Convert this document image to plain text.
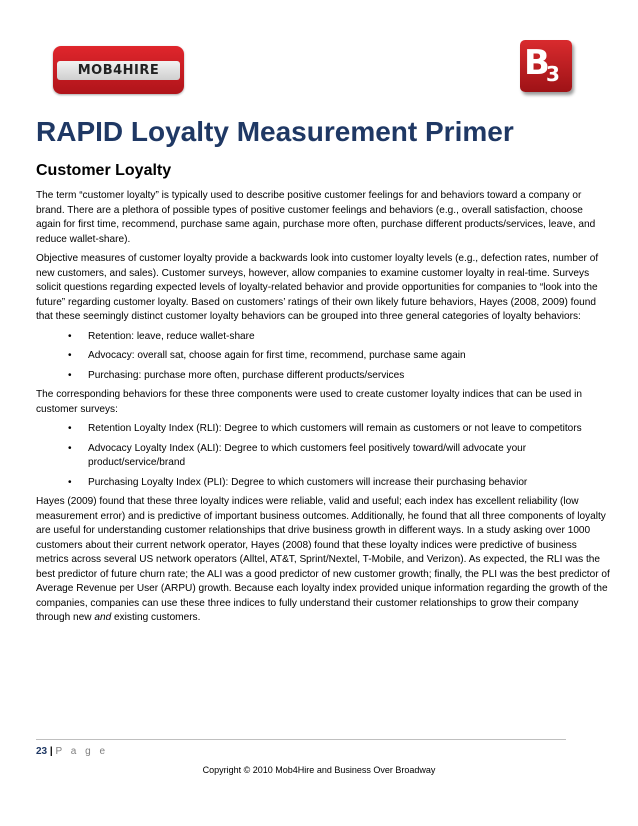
MOB4HIRE	B
3
RAPID Loyalty Measurement Primer
Customer Loyalty

The term “customer loyalty” is typically used to describe positive customer feelings for and behaviors toward a company or brand. There are a plethora of possible types of positive customer feelings and behaviors (e.g., overall satisfaction, choose again for first time, recommend, purchase same again, purchase more often, purchase different products/services, leave, and reduce wallet-share).

Objective measures of customer loyalty provide a backwards look into customer loyalty levels (e.g., defection rates, number of new customers, and sales). Customer surveys, however, allow companies to examine customer loyalty in real-time. Surveys solicit questions regarding expected levels of loyalty-related behavior and provide opportunities for companies to “look into the future” regarding customer loyalty. Based on customers’ ratings of their own likely future behaviors, Hayes (2008, 2009) found that these seemingly distinct customer loyalty behaviors can be grouped into three general categories of loyalty behaviors:

• Retention: leave, reduce wallet-share
• Advocacy: overall sat, choose again for first time, recommend, purchase same again
• Purchasing: purchase more often, purchase different products/services

The corresponding behaviors for these three components were used to create customer loyalty indices that can be used in customer surveys:

• Retention Loyalty Index (RLI): Degree to which customers will remain as customers or not leave to competitors
• Advocacy Loyalty Index (ALI): Degree to which customers feel positively toward/will advocate your product/service/brand
• Purchasing Loyalty Index (PLI): Degree to which customers will increase their purchasing behavior

Hayes (2009) found that these three loyalty indices were reliable, valid and useful; each index has excellent reliability (low measurement error) and is predictive of important business outcomes. Additionally, he found that all three components of loyalty are useful for understanding customer relationships that drive business growth in different ways. In a study asking over 1000 customers about their current network operator, Hayes (2008) found that these loyalty indices were predictive of business metrics across several US network operators (Alltel, AT&T, Sprint/Nextel, T-Mobile, and Verizon). As expected, the RLI was the best predictor of future churn rate; the ALI was a good predictor of new customer growth; finally, the PLI was the best predictor of Average Revenue per User (ARPU) growth. Because each loyalty index provided unique information regarding the growth of the companies, companies can use these three indices to fully understand their customer relationships to grow their company through new and existing customers.

23 | P a g e
Copyright © 2010 Mob4Hire and Business Over Broadway
